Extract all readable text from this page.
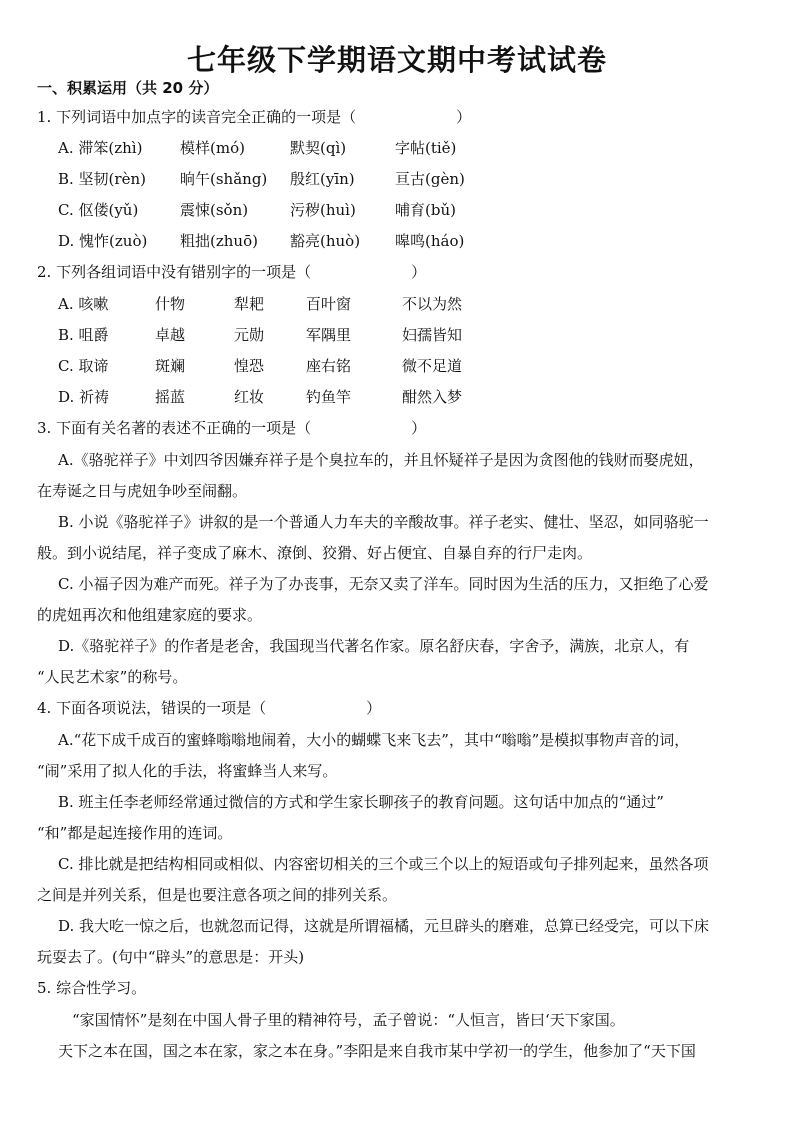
七年级下学期语文期中考试试卷
一、积累运用（共 20 分）
1. 下列词语中加点字的读音完全正确的一项是（	）
A. 滞笨(zhì)	模样(mó)	默契(qì)	字帖(tiě)
B. 坚韧(rèn) 晌午(shǎng) 殷红(yīn)	亘古(gèn)
C. 伛偻(yǔ)	震悚(sǒn)	污秽(huì)	哺育(bǔ)
D. 愧怍(zuò) 粗拙(zhuō) 豁亮(huò) 嗥鸣(háo)
2. 下列各组词语中没有错别字的一项是（	）
A. 咳嗽	什物	犁耙	百叶窗	不以为然
B. 咀爵	卓越	元勋	军隅里	妇孺皆知
C. 取谛	斑斓	惶恐	座右铭	微不足道
D. 祈祷	摇蓝	红妆	钓鱼竿	酣然入梦
3. 下面有关名著的表述不正确的一项是（	）
A.《骆驼祥子》中刘四爷因嫌弃祥子是个臭拉车的，并且怀疑祥子是因为贪图他的钱财而娶虎妞，
在寿诞之日与虎妞争吵至闹翻。
B. 小说《骆驼祥子》讲叙的是一个普通人力车夫的辛酸故事。祥子老实、健壮、坚忍，如同骆驼一
般。到小说结尾，祥子变成了麻木、潦倒、狡猾、好占便宜、自暴自弃的行尸走肉。
C. 小福子因为难产而死。祥子为了办丧事，无奈又卖了洋车。同时因为生活的压力，又拒绝了心爱
的虎妞再次和他组建家庭的要求。
D.《骆驼祥子》的作者是老舍，我国现当代著名作家。原名舒庆春，字舍予，满族，北京人，有
“人民艺术家”的称号。
4. 下面各项说法，错误的一项是（	）
A.“花下成千成百的蜜蜂嗡嗡地闹着，大小的蝴蝶飞来飞去”，其中“嗡嗡”是模拟事物声音的词，
“闹”采用了拟人化的手法，将蜜蜂当人来写。
B. 班主任李老师经常通过微信的方式和学生家长聊孩子的教育问题。这句话中加点的“通过”
“和”都是起连接作用的连词。
C. 排比就是把结构相同或相似、内容密切相关的三个或三个以上的短语或句子排列起来，虽然各项
之间是并列关系，但是也要注意各项之间的排列关系。
D. 我大吃一惊之后，也就忽而记得，这就是所谓福橘，元旦辟头的磨难，总算已经受完，可以下床
玩耍去了。(句中“辟头”的意思是：开头)
5. 综合性学习。
“家国情怀”是刻在中国人骨子里的精神符号，孟子曾说：“人恒言，皆曰‘天下家国。
天下之本在国，国之本在家，家之本在身。”李阳是来自我市某中学初一的学生，他参加了“天下国
